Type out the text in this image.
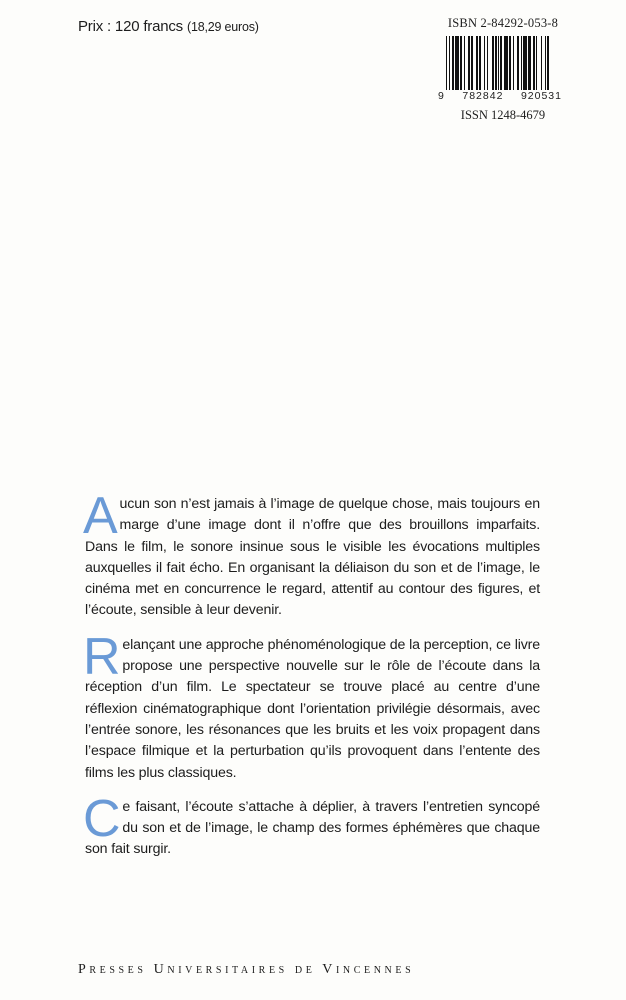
Prix : 120 francs (18,29 euros)	ISBN 2-84292-053-8
9 782842 920531
ISSN 1248-4679

Aucun son n’est jamais à l’image de quelque chose, mais toujours en marge d’une image dont il n’offre que des brouillons imparfaits. Dans le film, le sonore insinue sous le visible les évocations multiples auxquelles il fait écho. En organisant la déliaison du son et de l’image, le cinéma met en concurrence le regard, attentif au contour des figures, et l’écoute, sensible à leur devenir.

Relançant une approche phénoménologique de la perception, ce livre propose une perspective nouvelle sur le rôle de l’écoute dans la réception d’un film. Le spectateur se trouve placé au centre d’une réflexion cinématographique dont l’orientation privilégie désormais, avec l’entrée sonore, les résonances que les bruits et les voix propagent dans l’espace filmique et la perturbation qu’ils provoquent dans l’entente des films les plus classiques.

Ce faisant, l’écoute s’attache à déplier, à travers l’entretien syncopé du son et de l’image, le champ des formes éphémères que chaque son fait surgir.

Presses Universitaires de Vincennes
